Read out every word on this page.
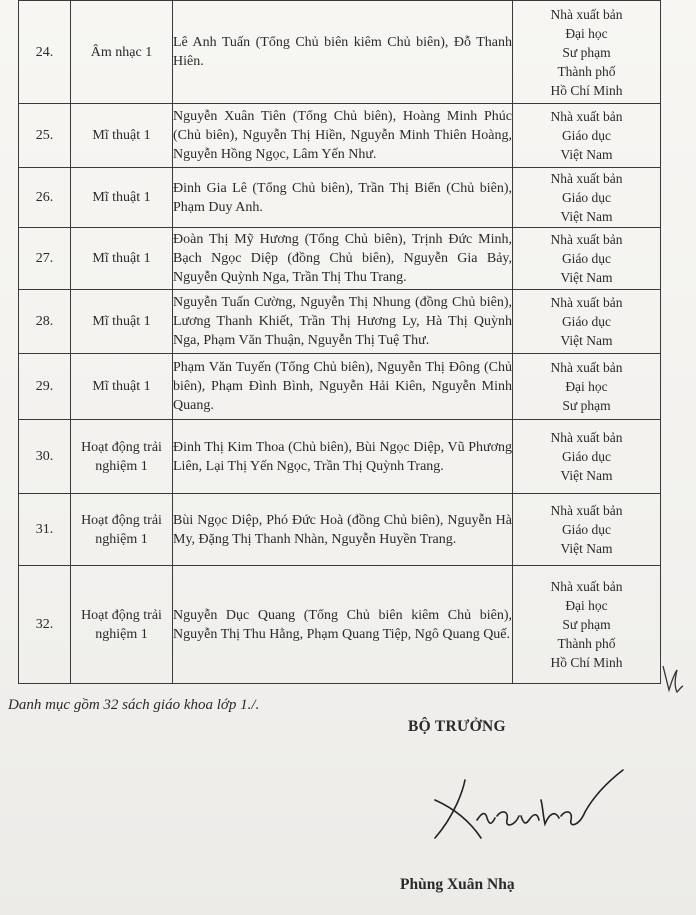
24.	Âm nhạc 1	Lê Anh Tuấn (Tổng Chủ biên kiêm Chủ biên), Đỗ Thanh Hiên.	Nhà xuất bản
Đại học
Sư phạm
Thành phố
Hồ Chí Minh

25.	Mĩ thuật 1	Nguyễn Xuân Tiên (Tổng Chủ biên), Hoàng Minh Phúc (Chủ biên), Nguyễn Thị Hiền, Nguyễn Minh Thiên Hoàng, Nguyễn Hồng Ngọc, Lâm Yến Như.	Nhà xuất bản
Giáo dục
Việt Nam

26.	Mĩ thuật 1	Đinh Gia Lê (Tổng Chủ biên), Trần Thị Biển (Chủ biên), Phạm Duy Anh.	Nhà xuất bản
Giáo dục
Việt Nam

27.	Mĩ thuật 1	Đoàn Thị Mỹ Hương (Tổng Chủ biên), Trịnh Đức Minh, Bạch Ngọc Diệp (đồng Chủ biên), Nguyễn Gia Bảy, Nguyễn Quỳnh Nga, Trần Thị Thu Trang.	Nhà xuất bản
Giáo dục
Việt Nam

28.	Mĩ thuật 1	Nguyễn Tuấn Cường, Nguyễn Thị Nhung (đồng Chủ biên), Lương Thanh Khiết, Trần Thị Hương Ly, Hà Thị Quỳnh Nga, Phạm Văn Thuận, Nguyễn Thị Tuệ Thư.	Nhà xuất bản
Giáo dục
Việt Nam

29.	Mĩ thuật 1	Phạm Văn Tuyến (Tổng Chủ biên), Nguyễn Thị Đông (Chủ biên), Phạm Đình Bình, Nguyễn Hải Kiên, Nguyễn Minh Quang.	Nhà xuất bản
Đại học
Sư phạm

30.	Hoạt động trải nghiệm 1	Đinh Thị Kim Thoa (Chủ biên), Bùi Ngọc Diệp, Vũ Phương Liên, Lại Thị Yến Ngọc, Trần Thị Quỳnh Trang.	Nhà xuất bản
Giáo dục
Việt Nam

31.	Hoạt động trải nghiệm 1	Bùi Ngọc Diệp, Phó Đức Hoà (đồng Chủ biên), Nguyễn Hà My, Đặng Thị Thanh Nhàn, Nguyễn Huyền Trang.	Nhà xuất bản
Giáo dục
Việt Nam

32.	Hoạt động trải nghiệm 1	Nguyễn Dục Quang (Tổng Chủ biên kiêm Chủ biên), Nguyễn Thị Thu Hằng, Phạm Quang Tiệp, Ngô Quang Quế.	Nhà xuất bản
Đại học
Sư phạm
Thành phố
Hồ Chí Minh
Danh mục gồm 32 sách giáo khoa lớp 1./.
BỘ TRƯỞNG
Phùng Xuân Nhạ
